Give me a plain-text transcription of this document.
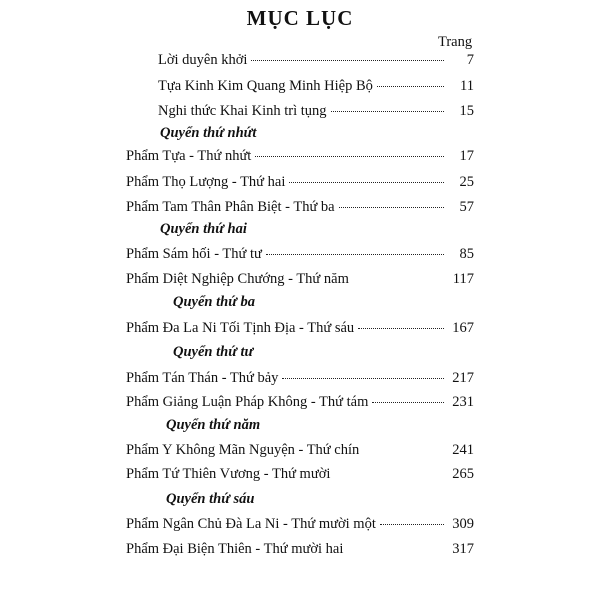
MỤC LỤC
Trang
Lời duyên khởi	7
Tựa Kinh Kim Quang Minh Hiệp Bộ	11
Nghi thức Khai Kinh trì tụng	15
Quyển thứ nhứt
Phẩm Tựa - Thứ nhứt	17
Phẩm Thọ Lượng - Thứ hai	25
Phẩm Tam Thân Phân Biệt - Thứ ba	57
Quyển thứ hai
Phẩm Sám hối - Thứ tư	85
Phẩm Diệt Nghiệp Chướng - Thứ năm	117
Quyển thứ ba
Phẩm Đa La Ni Tối Tịnh Địa - Thứ sáu	167
Quyển thứ tư
Phẩm Tán Thán - Thứ bảy	217
Phẩm Giảng Luận Pháp Không - Thứ tám	231
Quyển thứ năm
Phẩm Y Không Mãn Nguyện - Thứ chín	241
Phẩm Tứ Thiên Vương - Thứ mười	265
Quyển thứ sáu
Phẩm Ngân Chủ Đà La Ni - Thứ mười một	309
Phẩm Đại Biện Thiên - Thứ mười hai	317
